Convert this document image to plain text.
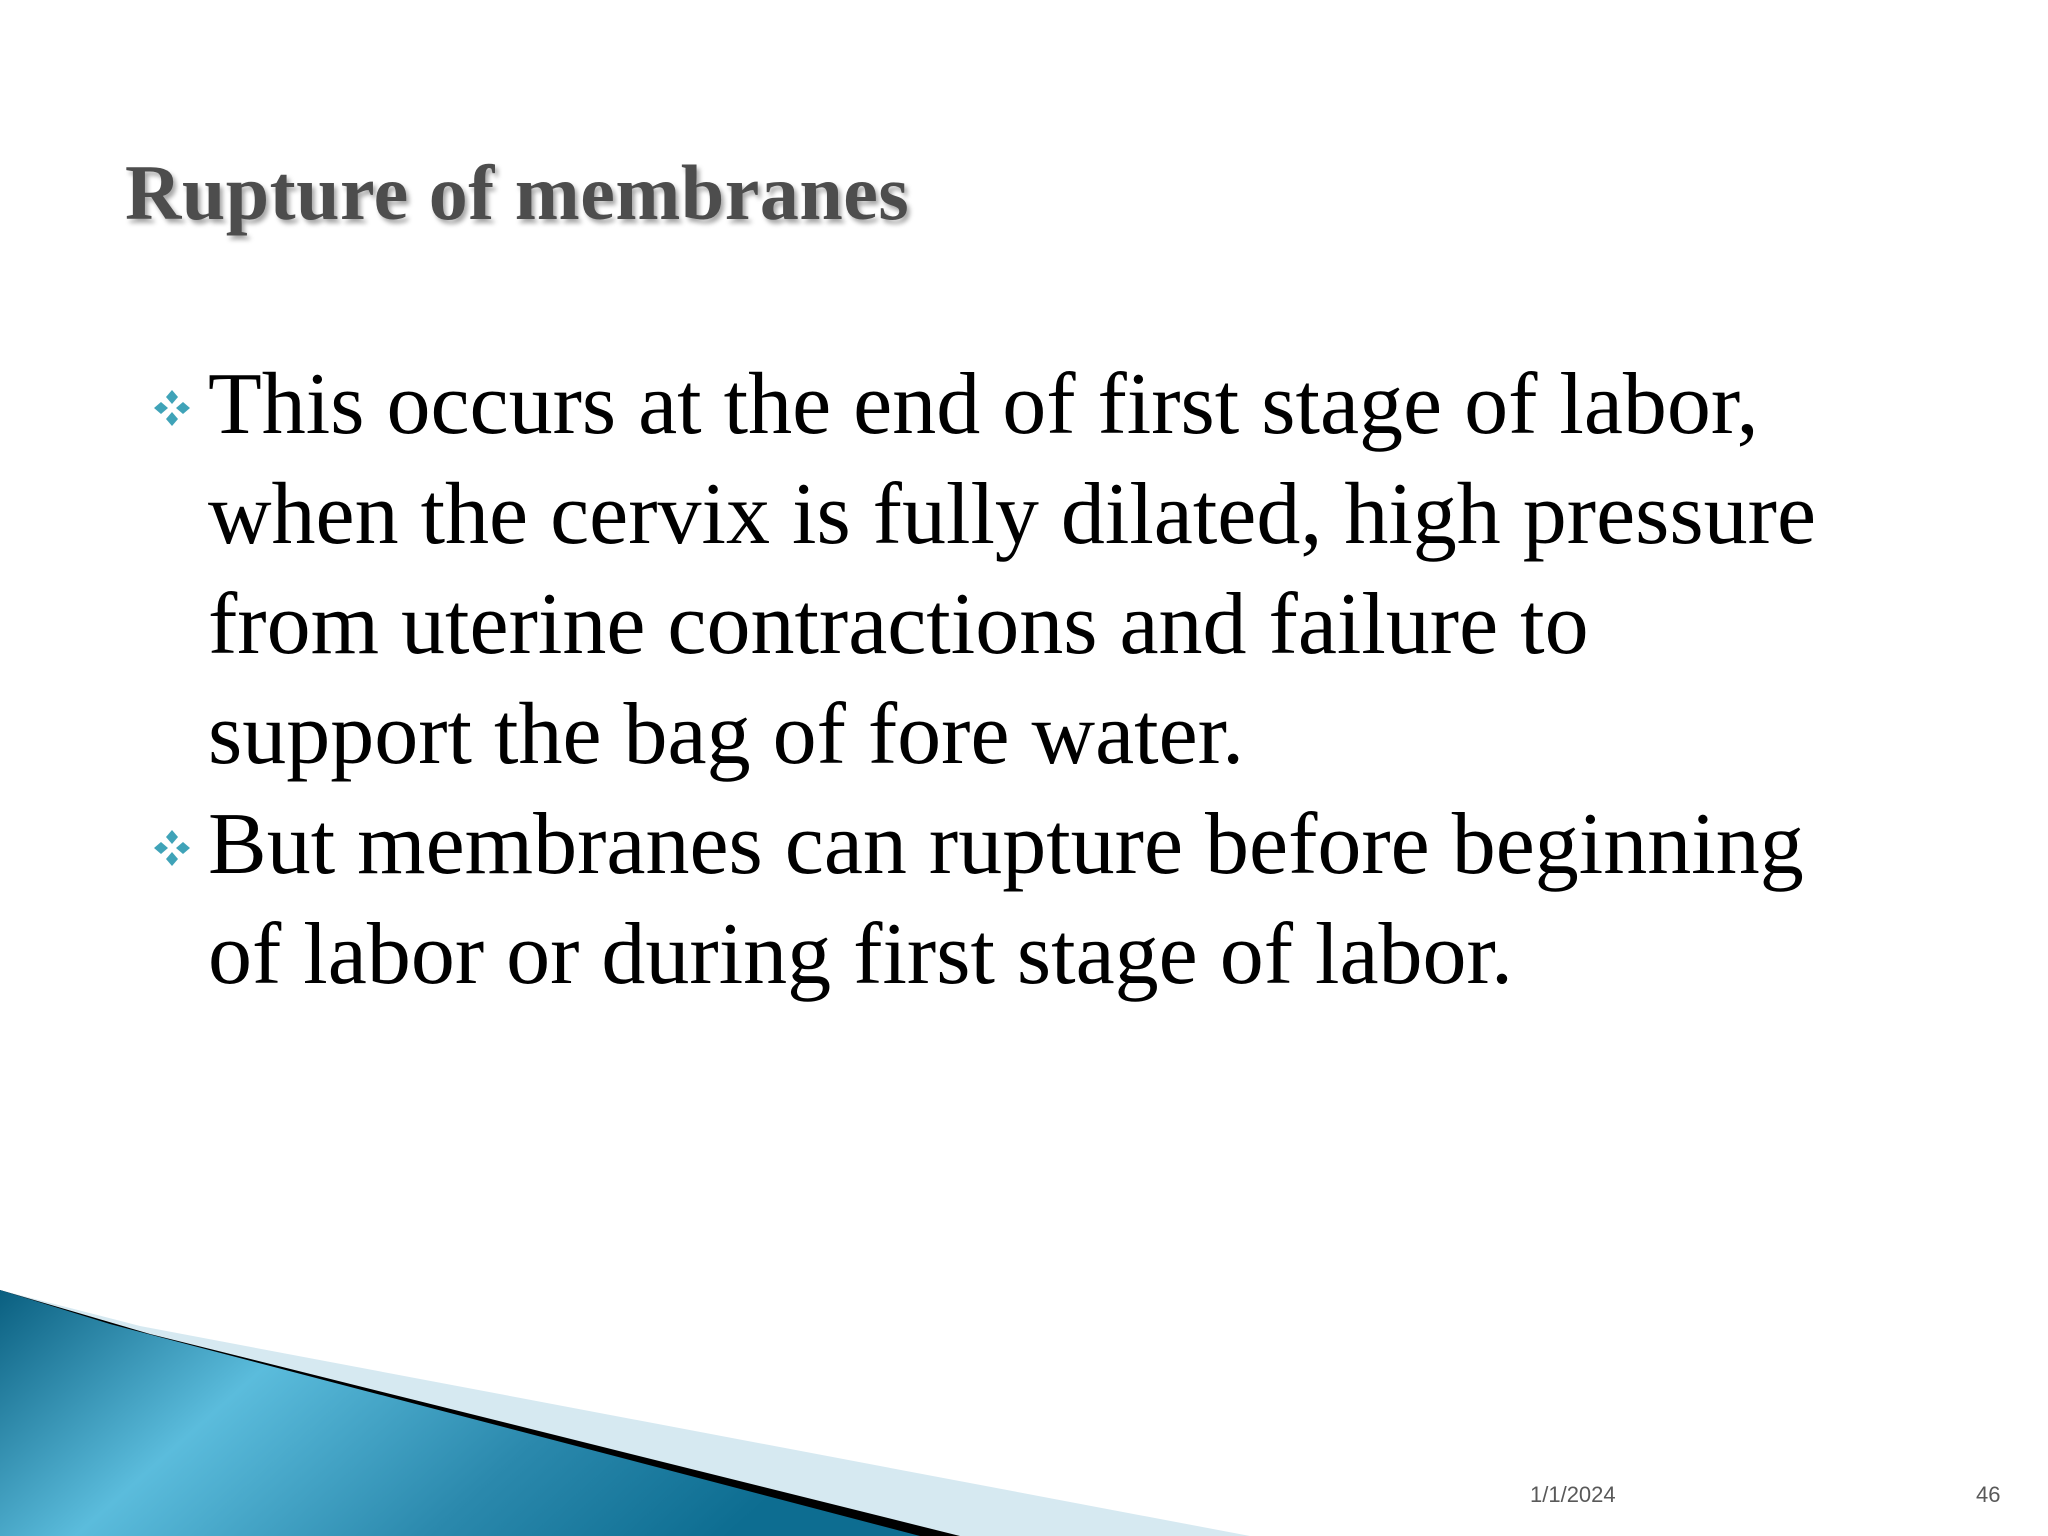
Rupture of membranes
This occurs at the end of first stage of labor,
when the cervix is fully dilated, high pressure
from uterine contractions and failure to
support the bag of fore water.
But membranes can rupture before beginning
of labor or during first stage of labor.
1/1/2024	46
